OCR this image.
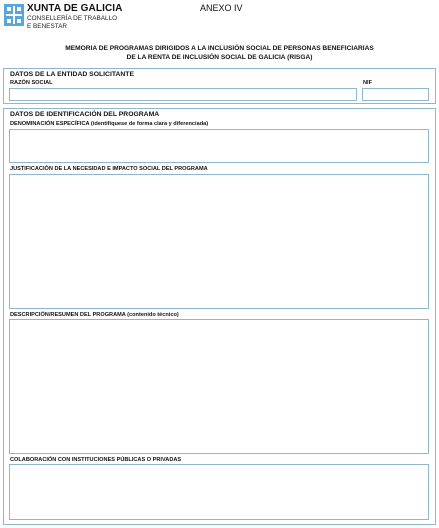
XUNTA DE GALICIA
CONSELLERÍA DE TRABALLO
E BENESTAR
ANEXO IV
MEMORIA DE PROGRAMAS DIRIGIDOS A LA INCLUSIÓN SOCIAL DE PERSONAS BENEFICIARIAS
DE LA RENTA DE INCLUSIÓN SOCIAL DE GALICIA (RISGA)
DATOS DE LA ENTIDAD SOLICITANTE
RAZÓN SOCIAL	NIF
DATOS DE IDENTIFICACIÓN DEL PROGRAMA
DENOMINACIÓN ESPECÍFICA (identifíquese de forma clara y diferenciada)
JUSTIFICACIÓN DE LA NECESIDAD E IMPACTO SOCIAL DEL PROGRAMA
DESCRIPCIÓN/RESUMEN DEL PROGRAMA (contenido técnico)
COLABORACIÓN CON INSTITUCIONES PÚBLICAS O PRIVADAS
